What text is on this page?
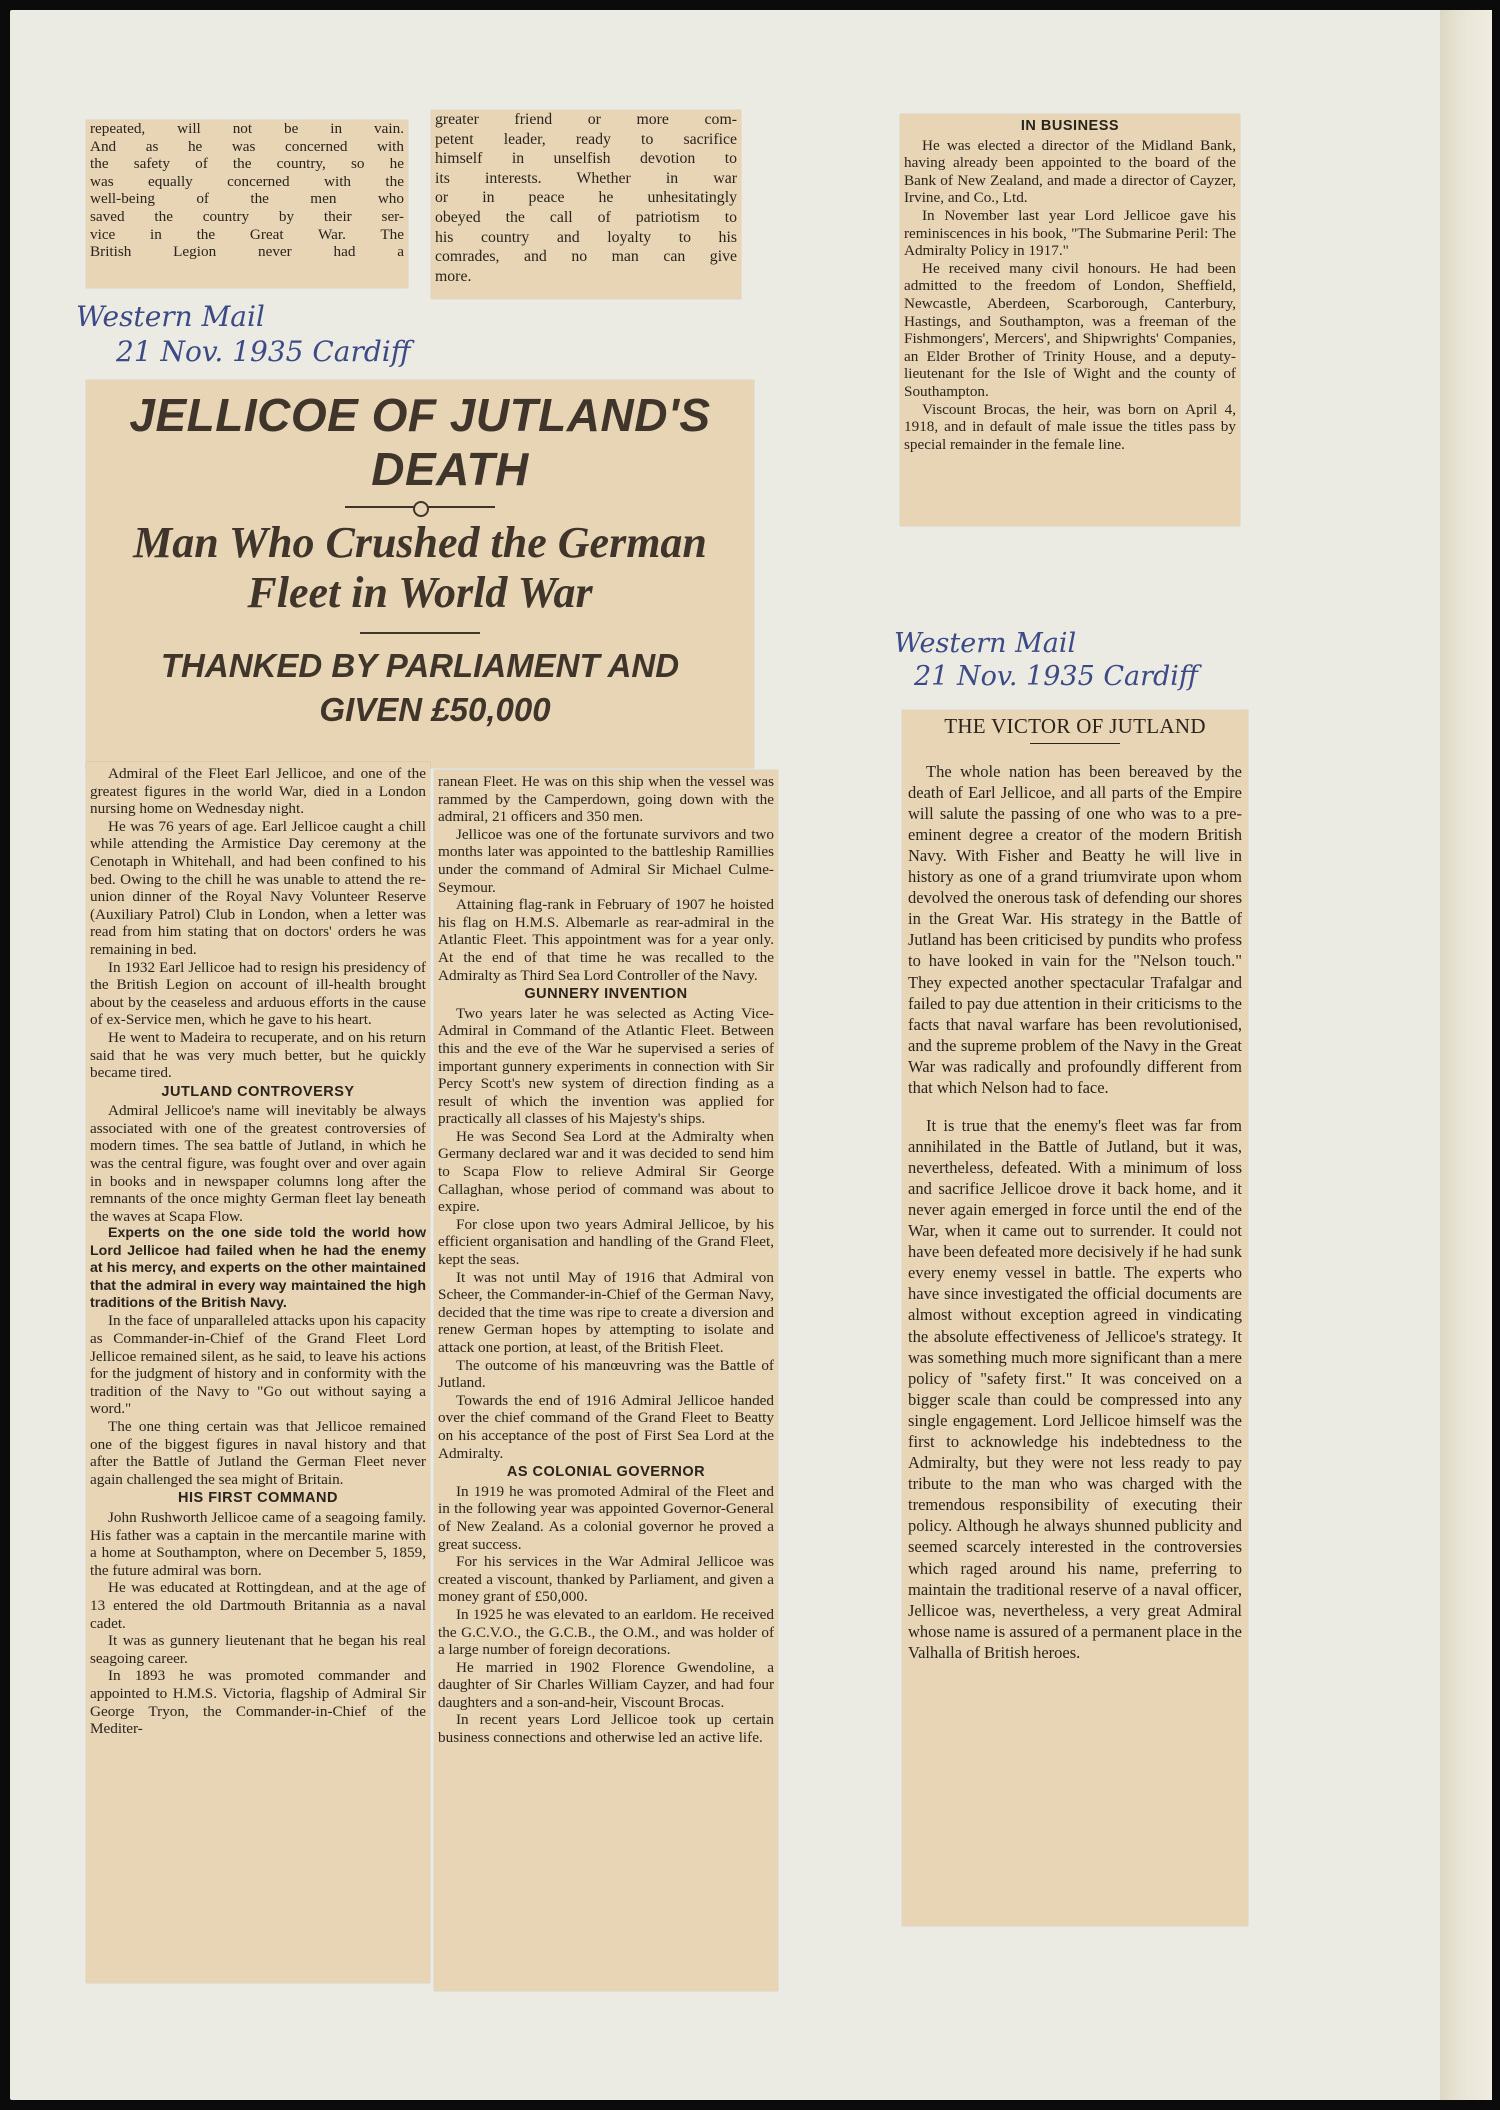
repeated, will not be in vain.
And as he was concerned with
the safety of the country, so he
was equally concerned with the
well-being of the men who
saved the country by their ser-
vice in the Great War. The
British Legion never had a
greater friend or more com-
petent leader, ready to sacrifice
himself in unselfish devotion to
its interests. Whether in war
or in peace he unhesitatingly
obeyed the call of patriotism to
his country and loyalty to his
comrades, and no man can give
more.
Western Mail
21 Nov. 1935 Cardiff
JELLICOE OF JUTLAND'S
DEATH
Man Who Crushed the German
Fleet in World War
THANKED BY PARLIAMENT AND
GIVEN £50,000

Admiral of the Fleet Earl Jellicoe, and one of the greatest figures in the world War, died in a London nursing home on Wednesday night.

He was 76 years of age. Earl Jellicoe caught a chill while attending the Armistice Day ceremony at the Cenotaph in Whitehall, and had been confined to his bed. Owing to the chill he was unable to attend the re-union dinner of the Royal Navy Volunteer Reserve (Auxiliary Patrol) Club in London, when a letter was read from him stating that on doctors' orders he was remaining in bed.

In 1932 Earl Jellicoe had to resign his presidency of the British Legion on account of ill-health brought about by the ceaseless and arduous efforts in the cause of ex-Service men, which he gave to his heart.

He went to Madeira to recuperate, and on his return said that he was very much better, but he quickly became tired.

JUTLAND CONTROVERSY

Admiral Jellicoe's name will inevitably be always associated with one of the greatest controversies of modern times. The sea battle of Jutland, in which he was the central figure, was fought over and over again in books and in newspaper columns long after the remnants of the once mighty German fleet lay beneath the waves at Scapa Flow.

Experts on the one side told the world how Lord Jellicoe had failed when he had the enemy at his mercy, and experts on the other maintained that the admiral in every way maintained the high traditions of the British Navy.

In the face of unparalleled attacks upon his capacity as Commander-in-Chief of the Grand Fleet Lord Jellicoe remained silent, as he said, to leave his actions for the judgment of history and in conformity with the tradition of the Navy to "Go out without saying a word."

The one thing certain was that Jellicoe remained one of the biggest figures in naval history and that after the Battle of Jutland the German Fleet never again challenged the sea might of Britain.

HIS FIRST COMMAND

John Rushworth Jellicoe came of a seagoing family. His father was a captain in the mercantile marine with a home at Southampton, where on December 5, 1859, the future admiral was born.

He was educated at Rottingdean, and at the age of 13 entered the old Dartmouth Britannia as a naval cadet.

It was as gunnery lieutenant that he began his real seagoing career.

In 1893 he was promoted commander and appointed to H.M.S. Victoria, flagship of Admiral Sir George Tryon, the Commander-in-Chief of the Mediter-

ranean Fleet. He was on this ship when the vessel was rammed by the Camperdown, going down with the admiral, 21 officers and 350 men.

Jellicoe was one of the fortunate survivors and two months later was appointed to the battleship Ramillies under the command of Admiral Sir Michael Culme-Seymour.

Attaining flag-rank in February of 1907 he hoisted his flag on H.M.S. Albemarle as rear-admiral in the Atlantic Fleet. This appointment was for a year only. At the end of that time he was recalled to the Admiralty as Third Sea Lord Controller of the Navy.

GUNNERY INVENTION

Two years later he was selected as Acting Vice-Admiral in Command of the Atlantic Fleet. Between this and the eve of the War he supervised a series of important gunnery experiments in connection with Sir Percy Scott's new system of direction finding as a result of which the invention was applied for practically all classes of his Majesty's ships.

He was Second Sea Lord at the Admiralty when Germany declared war and it was decided to send him to Scapa Flow to relieve Admiral Sir George Callaghan, whose period of command was about to expire.

For close upon two years Admiral Jellicoe, by his efficient organisation and handling of the Grand Fleet, kept the seas.

It was not until May of 1916 that Admiral von Scheer, the Commander-in-Chief of the German Navy, decided that the time was ripe to create a diversion and renew German hopes by attempting to isolate and attack one portion, at least, of the British Fleet.

The outcome of his manœuvring was the Battle of Jutland.

Towards the end of 1916 Admiral Jellicoe handed over the chief command of the Grand Fleet to Beatty on his acceptance of the post of First Sea Lord at the Admiralty.

AS COLONIAL GOVERNOR

In 1919 he was promoted Admiral of the Fleet and in the following year was appointed Governor-General of New Zealand. As a colonial governor he proved a great success.

For his services in the War Admiral Jellicoe was created a viscount, thanked by Parliament, and given a money grant of £50,000.

In 1925 he was elevated to an earldom. He received the G.C.V.O., the G.C.B., the O.M., and was holder of a large number of foreign decorations.

He married in 1902 Florence Gwendoline, a daughter of Sir Charles William Cayzer, and had four daughters and a son-and-heir, Viscount Brocas.

In recent years Lord Jellicoe took up certain business connections and otherwise led an active life.

IN BUSINESS

He was elected a director of the Midland Bank, having already been appointed to the board of the Bank of New Zealand, and made a director of Cayzer, Irvine, and Co., Ltd.

In November last year Lord Jellicoe gave his reminiscences in his book, "The Submarine Peril: The Admiralty Policy in 1917."

He received many civil honours. He had been admitted to the freedom of London, Sheffield, Newcastle, Aberdeen, Scarborough, Canterbury, Hastings, and Southampton, was a freeman of the Fishmongers', Mercers', and Shipwrights' Companies, an Elder Brother of Trinity House, and a deputy-lieutenant for the Isle of Wight and the county of Southampton.

Viscount Brocas, the heir, was born on April 4, 1918, and in default of male issue the titles pass by special remainder in the female line.

Western Mail
21 Nov. 1935 Cardiff
THE VICTOR OF JUTLAND

The whole nation has been bereaved by the death of Earl Jellicoe, and all parts of the Empire will salute the passing of one who was to a pre-eminent degree a creator of the modern British Navy. With Fisher and Beatty he will live in history as one of a grand triumvirate upon whom devolved the onerous task of defending our shores in the Great War. His strategy in the Battle of Jutland has been criticised by pundits who profess to have looked in vain for the "Nelson touch." They expected another spectacular Trafalgar and failed to pay due attention in their criticisms to the facts that naval warfare has been revolutionised, and the supreme problem of the Navy in the Great War was radically and profoundly different from that which Nelson had to face.

It is true that the enemy's fleet was far from annihilated in the Battle of Jutland, but it was, nevertheless, defeated. With a minimum of loss and sacrifice Jellicoe drove it back home, and it never again emerged in force until the end of the War, when it came out to surrender. It could not have been defeated more decisively if he had sunk every enemy vessel in battle. The experts who have since investigated the official documents are almost without exception agreed in vindicating the absolute effectiveness of Jellicoe's strategy. It was something much more significant than a mere policy of "safety first." It was conceived on a bigger scale than could be compressed into any single engagement. Lord Jellicoe himself was the first to acknowledge his indebtedness to the Admiralty, but they were not less ready to pay tribute to the man who was charged with the tremendous responsibility of executing their policy. Although he always shunned publicity and seemed scarcely interested in the controversies which raged around his name, preferring to maintain the traditional reserve of a naval officer, Jellicoe was, nevertheless, a very great Admiral whose name is assured of a permanent place in the Valhalla of British heroes.
